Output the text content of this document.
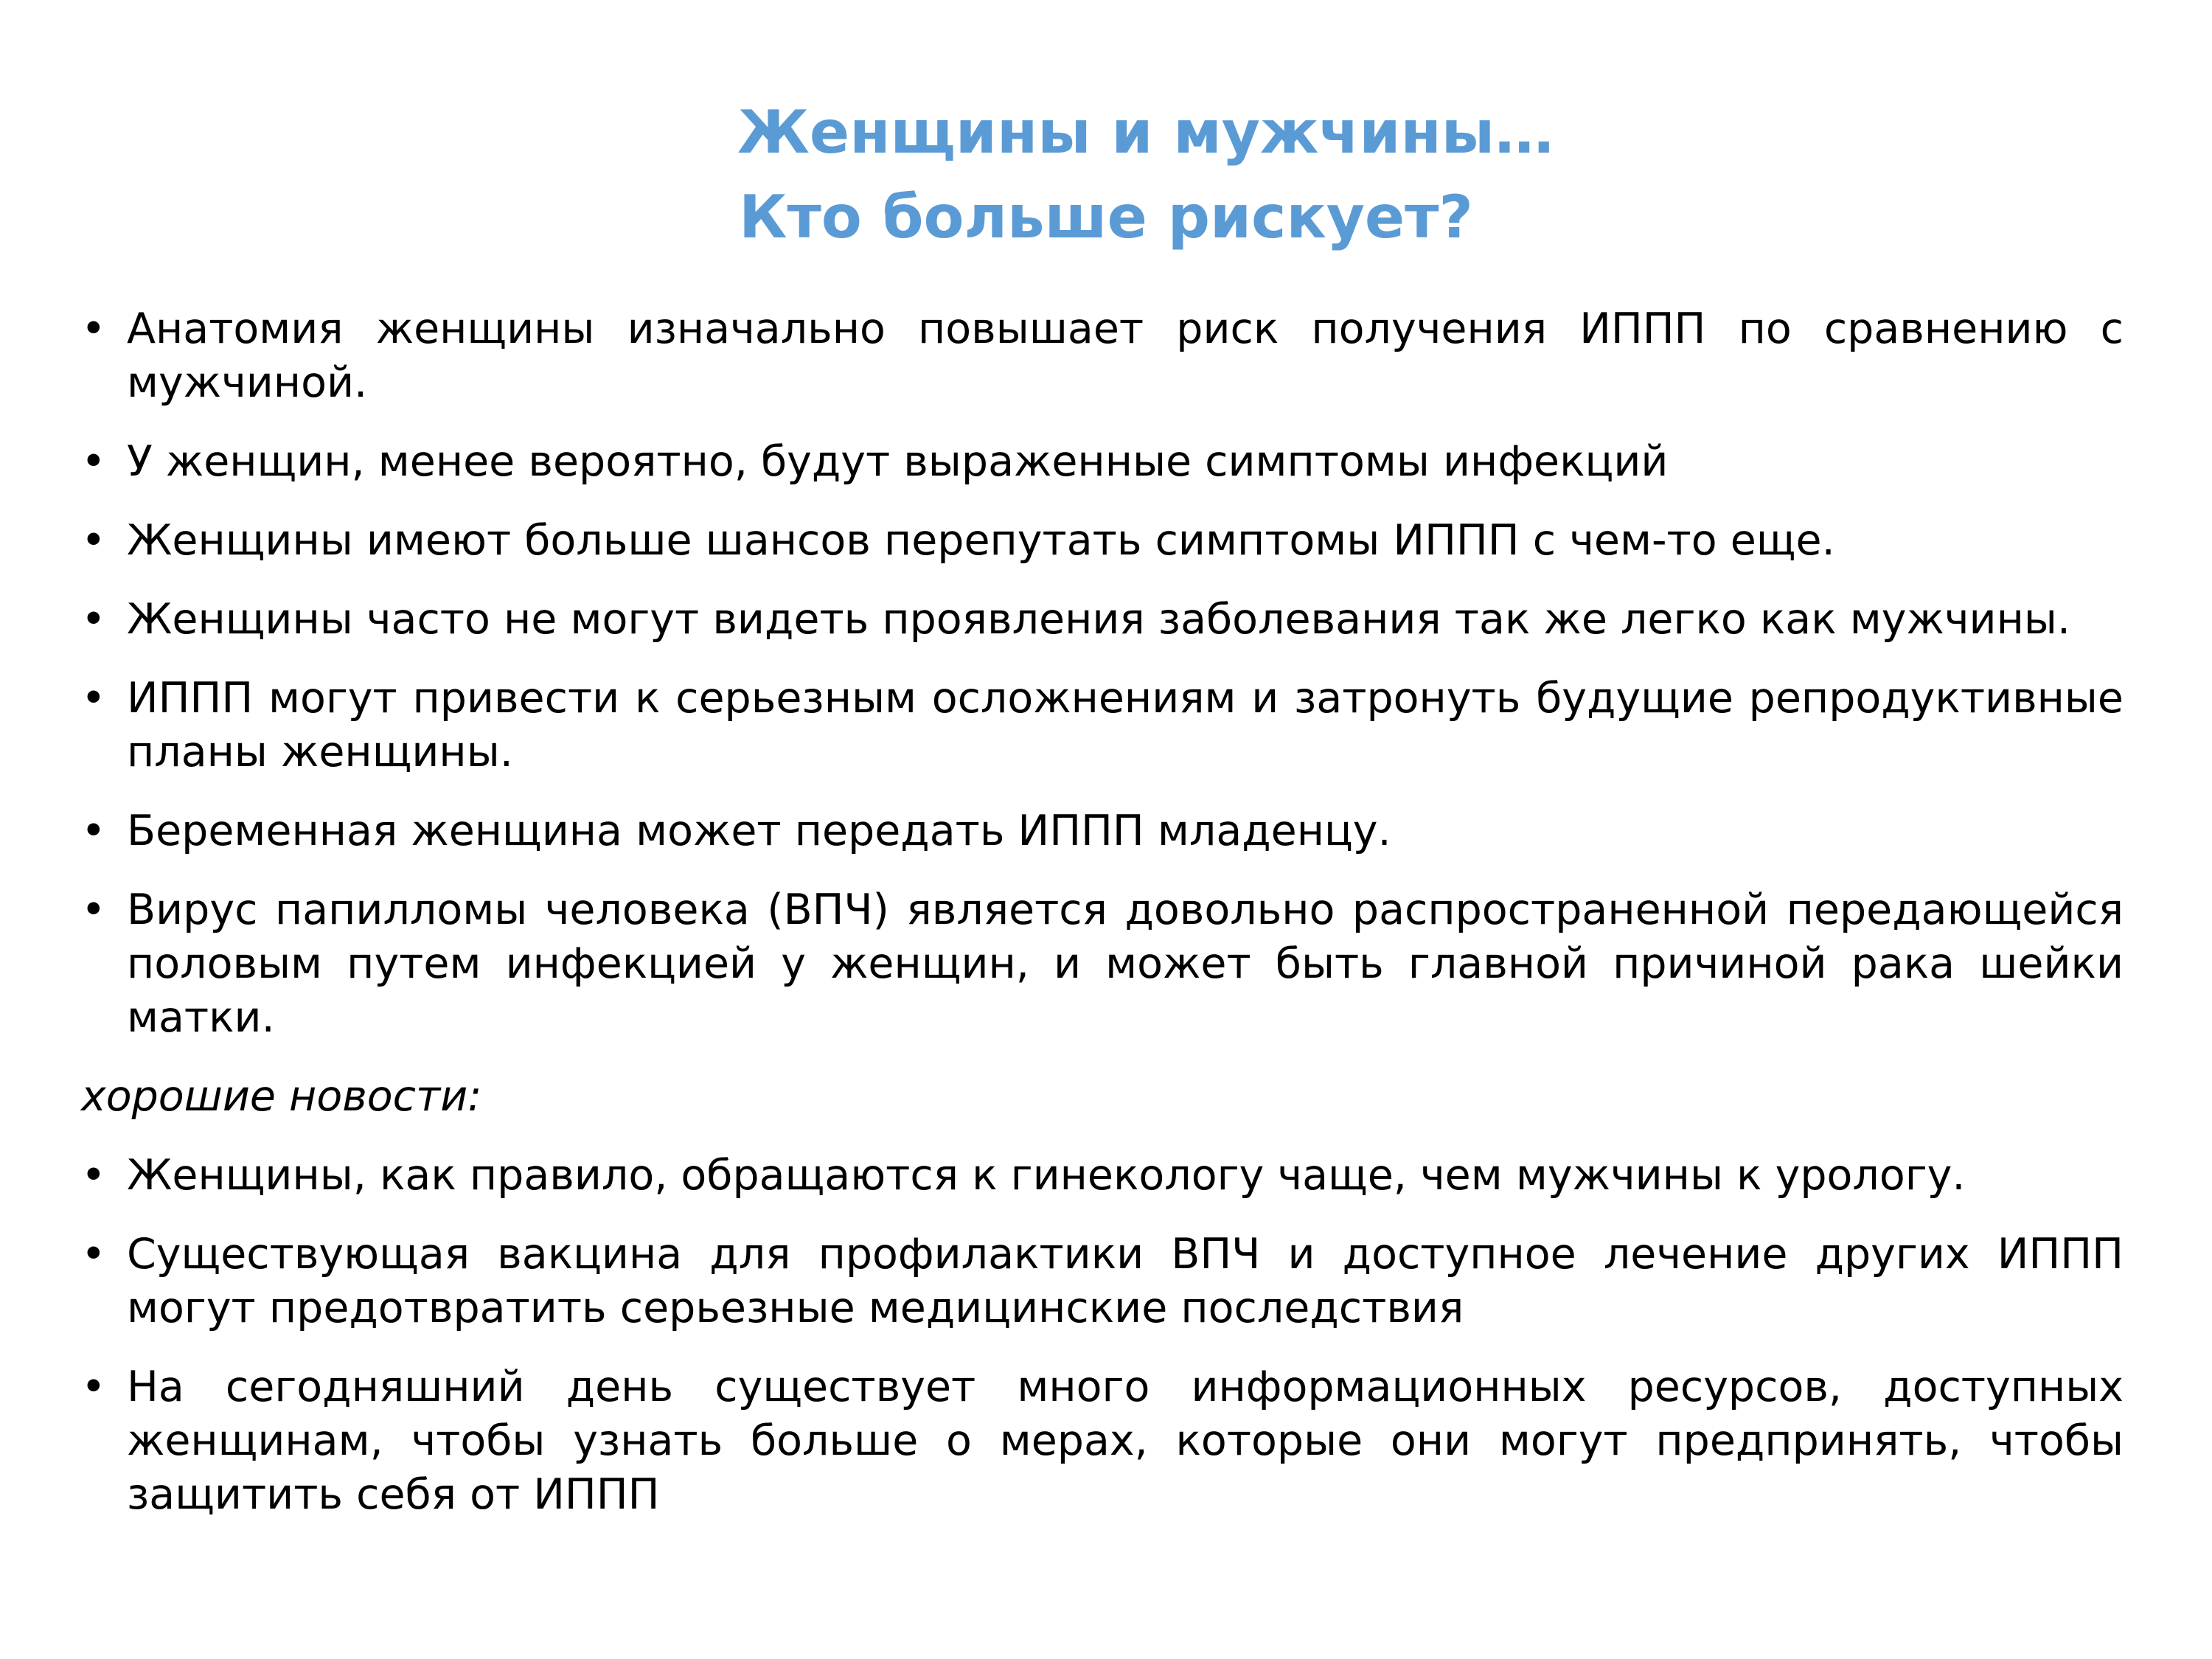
Женщины и мужчины…
Кто больше рискует?
• Анатомия женщины изначально повышает риск получения ИППП по сравнению с мужчиной.
• У женщин, менее вероятно, будут выраженные симптомы инфекций
• Женщины имеют больше шансов перепутать симптомы ИППП с чем-то еще.
• Женщины часто не могут видеть проявления заболевания так же легко как мужчины.
• ИППП могут привести к серьезным осложнениям и затронуть будущие репродуктивные планы женщины.
• Беременная женщина может передать ИППП младенцу.
• Вирус папилломы человека (ВПЧ) является довольно распространенной передающейся половым путем инфекцией у женщин, и может быть главной причиной рака шейки матки.
хорошие новости:
• Женщины, как правило, обращаются к гинекологу чаще, чем мужчины к урологу.
• Существующая вакцина для профилактики ВПЧ и доступное лечение других ИППП могут предотвратить серьезные медицинские последствия
• На сегодняшний день существует много информационных ресурсов, доступных женщинам, чтобы узнать больше о мерах, которые они могут предпринять, чтобы защитить себя от ИППП
